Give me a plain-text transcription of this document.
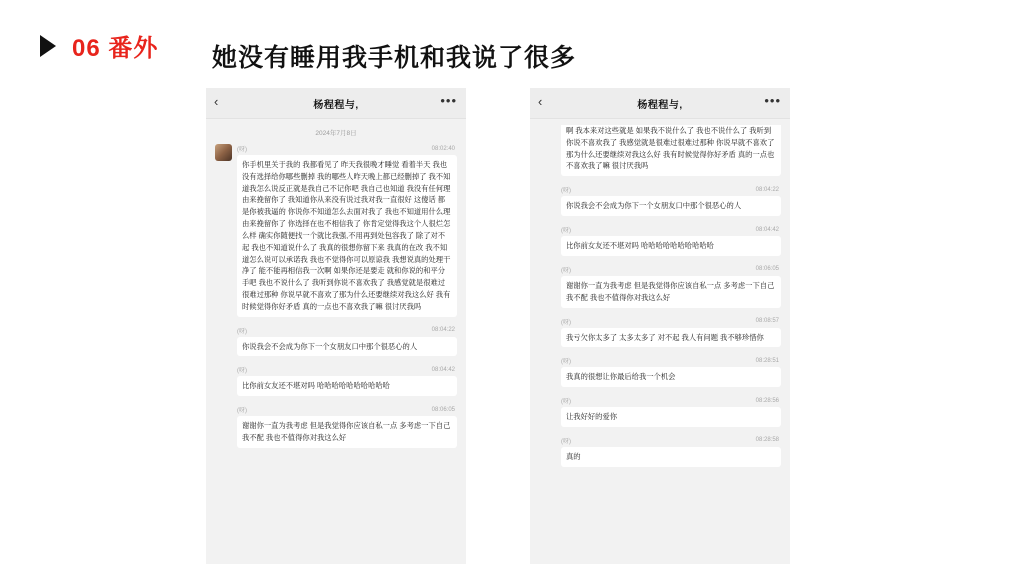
06 番外 她没有睡用我手机和我说了很多
‹	杨程程与,	•••
2024年7月8日
(呀)	08:02:40
你手机里关于我的 我都看见了 昨天我很晚才睡觉 看着半天 我也没有选择给你哪些删掉 我的哪些人昨天晚上都已经删掉了 我不知道我怎么说反正就是我自己不记你吧 我自己也知道 我没有任何理由来挽留你了 我知道你从来没有说过我对我一直很好 这傻话 都是你被我逼的 你说你不知道怎么去面对我了 我也不知道用什么理由来挽留你了 你选择在也不相信我了 你肯定觉得我这个人很烂怎么样 确实你随便找一个就比我强,不用再到处包容我了 除了对不起 我也不知道说什么了 我真的很想你留下来 我真的在改 我不知道怎么说可以承诺我 我也不觉得你可以原谅我 我想说真的处理干净了 能不能再相信我一次啊 如果你还是要走 就和你说的和平分手吧 我也不说什么了 我听到你说不喜欢我了 我感觉就是很难过很难过那种 你说早就不喜欢了那为什么还要继续对我这么好 我有时候觉得你好矛盾 真的一点也不喜欢我了嘛 很讨厌我吗
(呀)	08:04:22
你说我会不会成为你下一个女朋友口中那个很恶心的人
(呀)	08:04:42
比你前女友还不堪对吗 哈哈哈哈哈哈哈哈哈哈
(呀)	08:06:05
谢谢你一直为我考虑 但是我觉得你应该自私一点 多考虑一下自己 我不配 我也不值得你对我这么好
‹	杨程程与,	•••
啊 我本来对这些就是 如果我不说什么了 我也不说什么了 我听到你说不喜欢我了 我感觉就是很难过很难过那种 你说早就不喜欢了那为什么还要继续对我这么好 我有时候觉得你好矛盾 真的一点也不喜欢我了嘛 很讨厌我吗
(呀)	08:04:22
你说我会不会成为你下一个女朋友口中那个很恶心的人
(呀)	08:04:42
比你前女友还不堪对吗 哈哈哈哈哈哈哈哈哈哈
(呀)	08:06:05
谢谢你一直为我考虑 但是我觉得你应该自私一点 多考虑一下自己 我不配 我也不值得你对我这么好
(呀)	08:08:57
我亏欠你太多了 太多太多了 对不起 我人有问题 我不够珍惜你
(呀)	08:28:51
我真的很想让你最后给我一个机会
(呀)	08:28:56
让我好好的爱你
(呀)	08:28:58
真的
